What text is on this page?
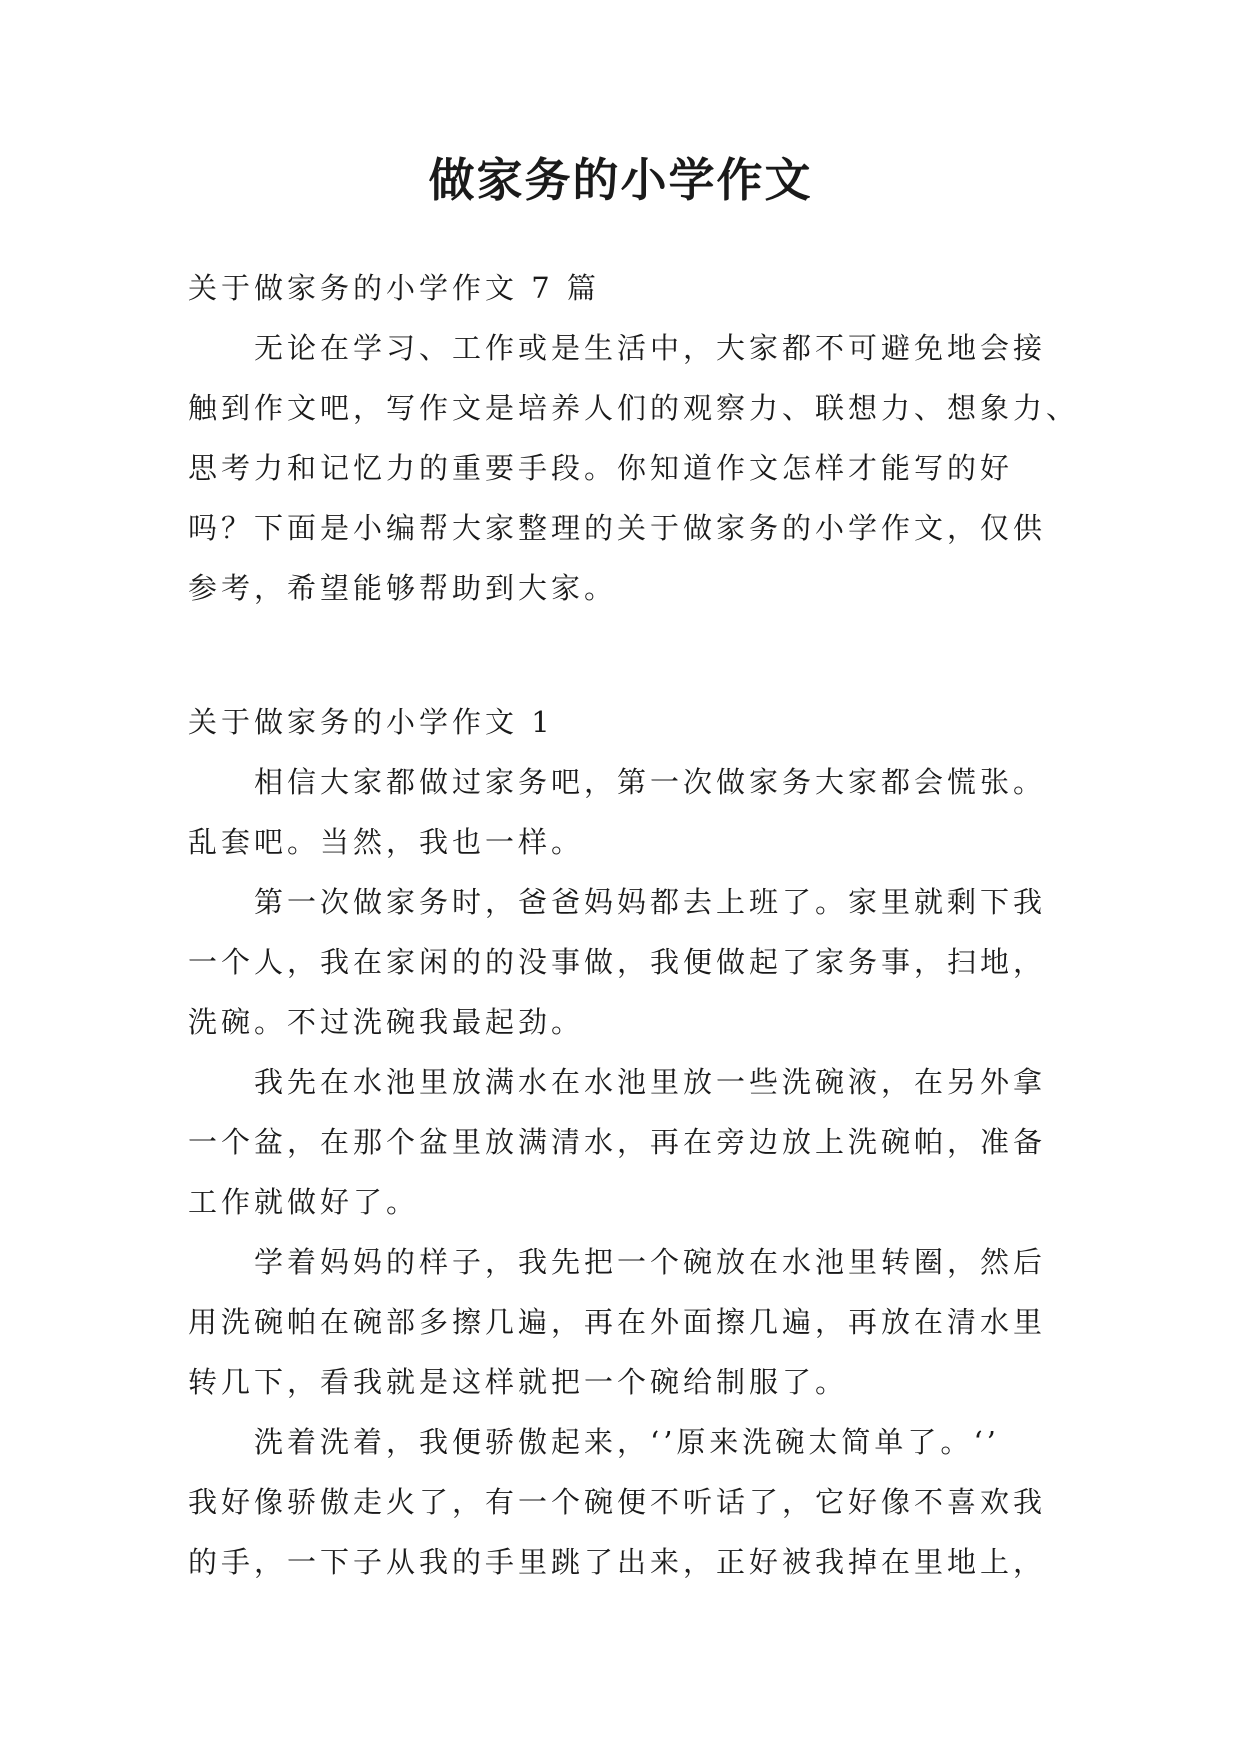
做家务的小学作文
关于做家务的小学作文 7 篇
无论在学习、工作或是生活中，大家都不可避免地会接
触到作文吧，写作文是培养人们的观察力、联想力、想象力、
思考力和记忆力的重要手段。你知道作文怎样才能写的好
吗？下面是小编帮大家整理的关于做家务的小学作文，仅供
参考，希望能够帮助到大家。
关于做家务的小学作文 1
相信大家都做过家务吧，第一次做家务大家都会慌张。
乱套吧。当然，我也一样。
第一次做家务时，爸爸妈妈都去上班了。家里就剩下我
一个人，我在家闲的的没事做，我便做起了家务事，扫地，
洗碗。不过洗碗我最起劲。
我先在水池里放满水在水池里放一些洗碗液，在另外拿
一个盆，在那个盆里放满清水，再在旁边放上洗碗帕，准备
工作就做好了。
学着妈妈的样子，我先把一个碗放在水池里转圈，然后
用洗碗帕在碗部多擦几遍，再在外面擦几遍，再放在清水里
转几下，看我就是这样就把一个碗给制服了。
洗着洗着，我便骄傲起来，‘’原来洗碗太简单了。‘’
我好像骄傲走火了，有一个碗便不听话了，它好像不喜欢我
的手，一下子从我的手里跳了出来，正好被我掉在里地上，
